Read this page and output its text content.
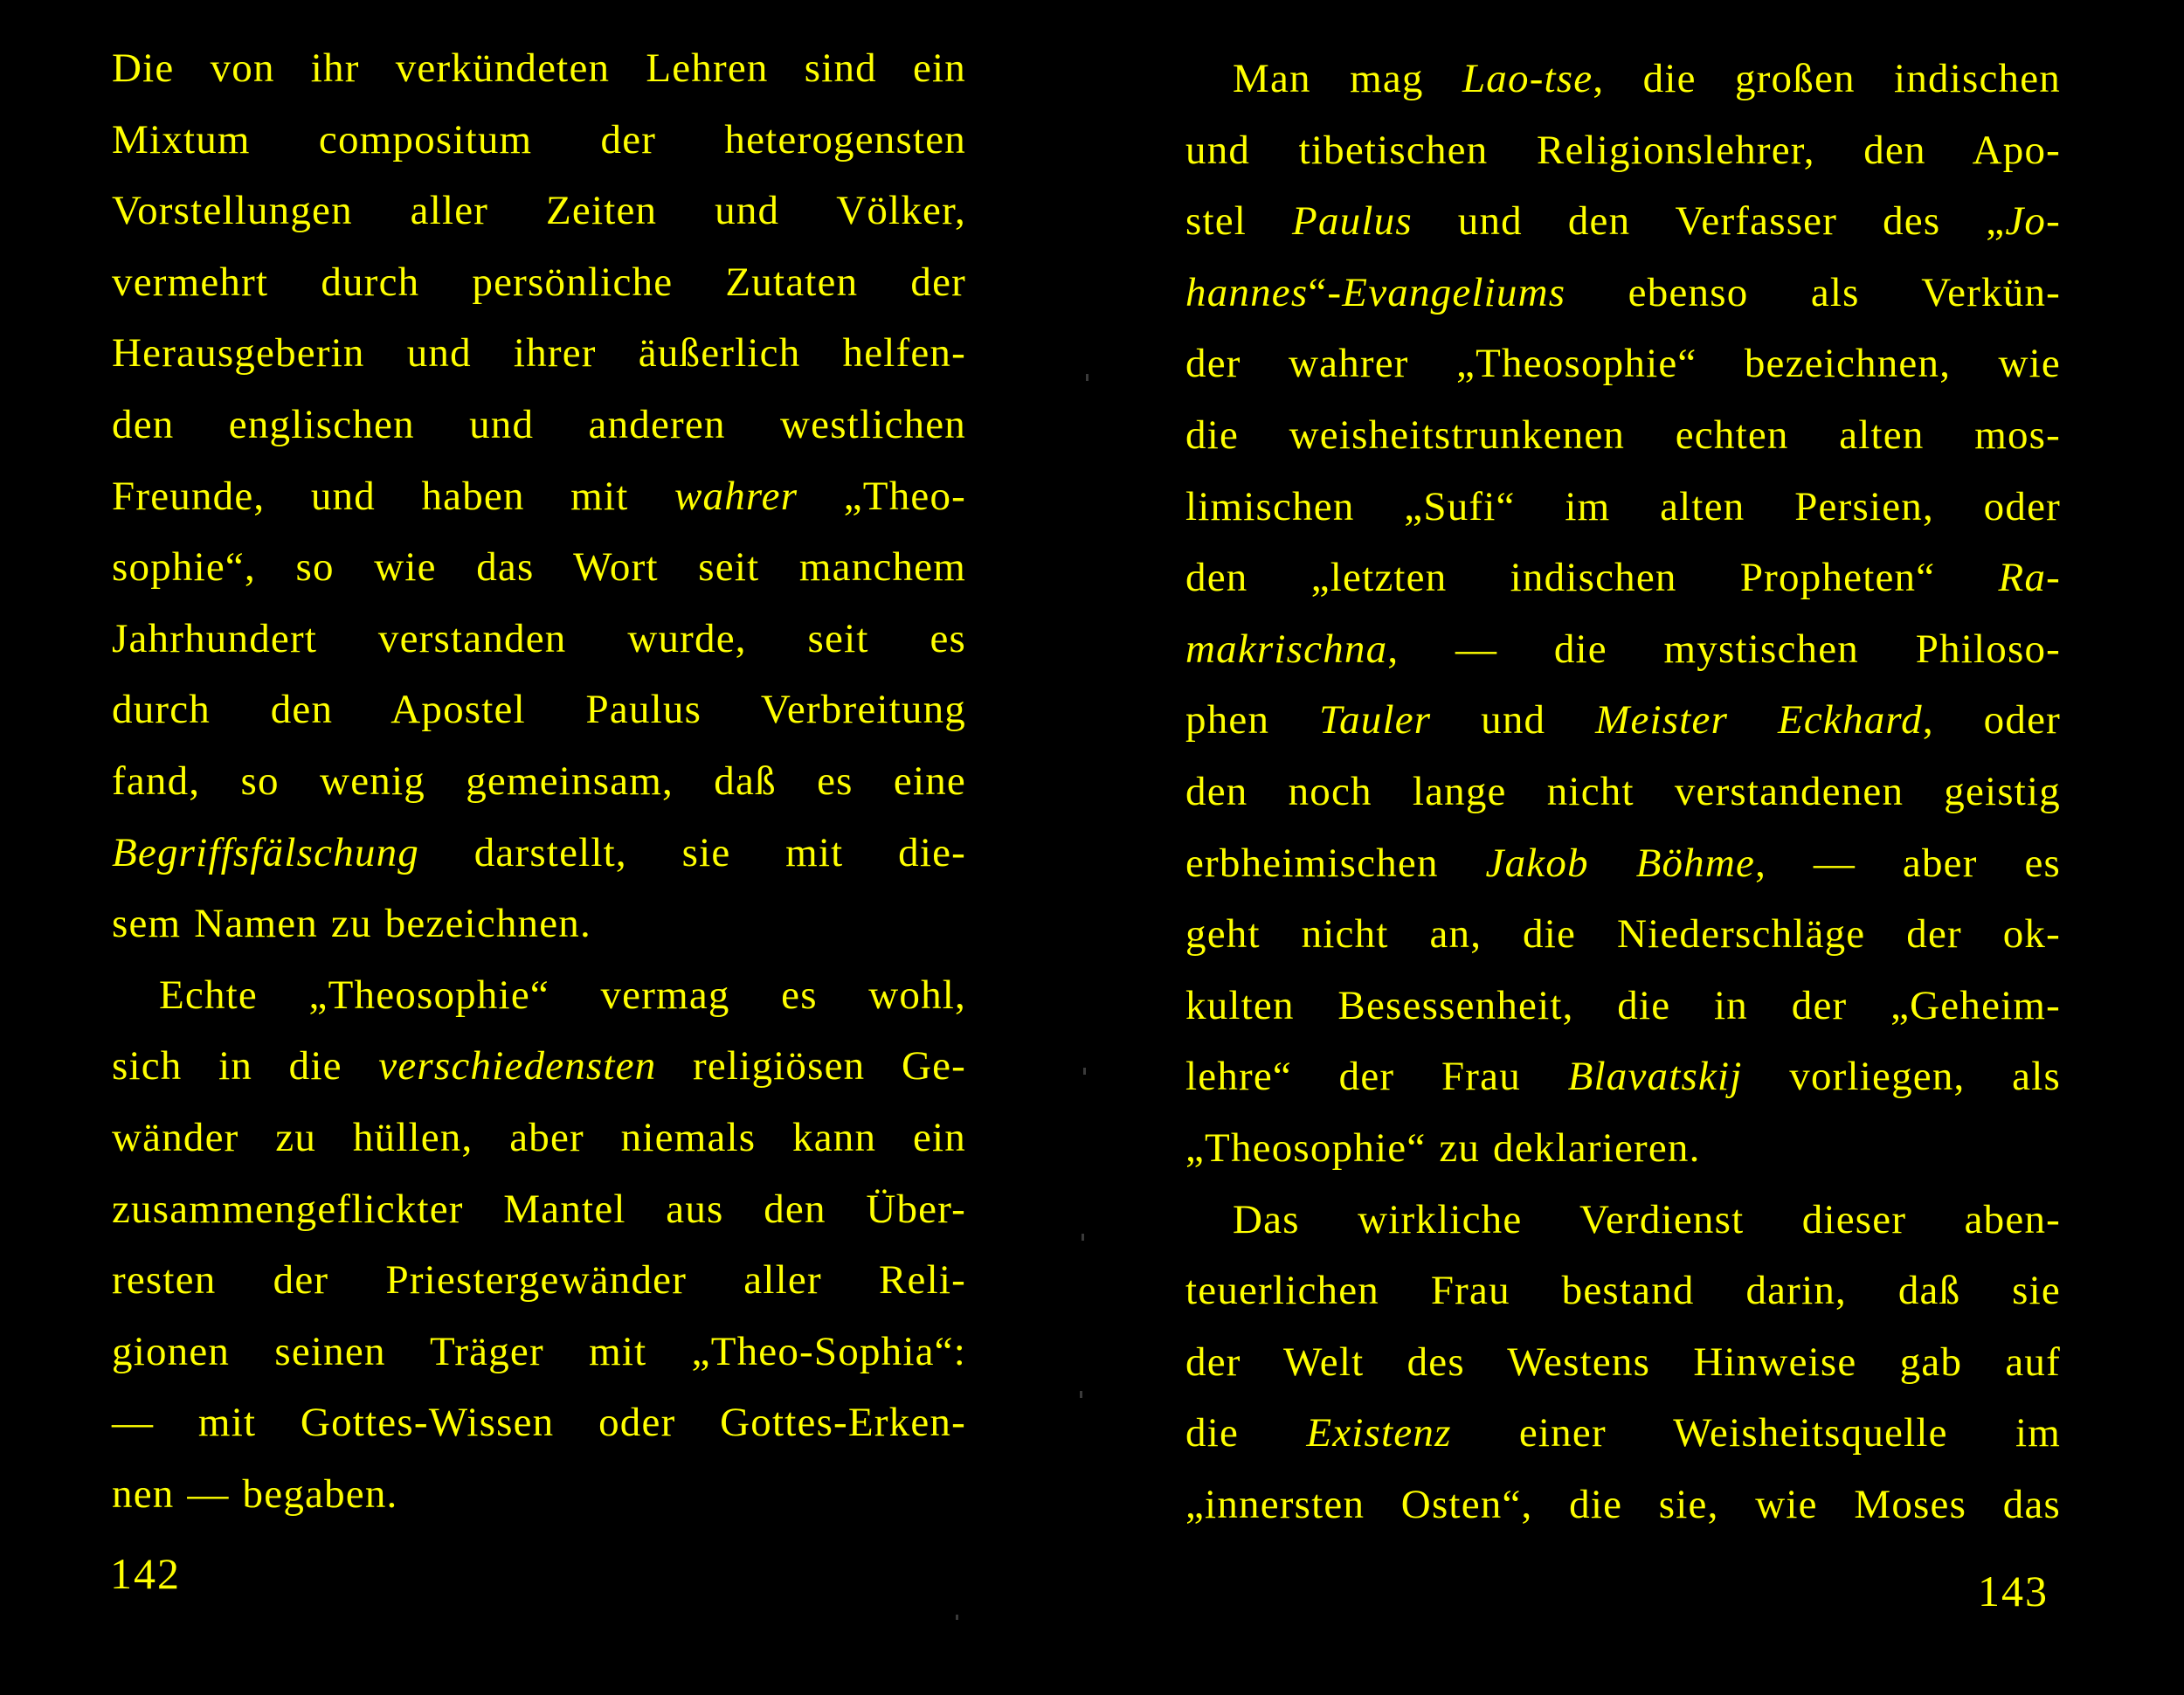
Die von ihr verkündeten Lehren sind ein
Mixtum compositum der heterogensten
Vorstellungen aller Zeiten und Völker,
vermehrt durch persönliche Zutaten der
Herausgeberin und ihrer äußerlich helfen-
den englischen und anderen westlichen
Freunde, und haben mit wahrer „Theo-
sophie“, so wie das Wort seit manchem
Jahrhundert verstanden wurde, seit es
durch den Apostel Paulus Verbreitung
fand, so wenig gemeinsam, daß es eine
Begriffsfälschung darstellt, sie mit die-
sem Namen zu bezeichnen.
Echte „Theosophie“ vermag es wohl,
sich in die verschiedensten religiösen Ge-
wänder zu hüllen, aber niemals kann ein
zusammengeflickter Mantel aus den Über-
resten der Priestergewänder aller Reli-
gionen seinen Träger mit „Theo-Sophia“:
— mit Gottes-Wissen oder Gottes-Erken-
nen — begaben.
142
Man mag Lao-tse, die großen indischen
und tibetischen Religionslehrer, den Apo-
stel Paulus und den Verfasser des „Jo-
hannes“-Evangeliums ebenso als Verkün-
der wahrer „Theosophie“ bezeichnen, wie
die weisheitstrunkenen echten alten mos-
limischen „Sufi“ im alten Persien, oder
den „letzten indischen Propheten“ Ra-
makrischna, — die mystischen Philoso-
phen Tauler und Meister Eckhard, oder
den noch lange nicht verstandenen geistig
erbheimischen Jakob Böhme, — aber es
geht nicht an, die Niederschläge der ok-
kulten Besessenheit, die in der „Geheim-
lehre“ der Frau Blavatskij vorliegen, als
„Theosophie“ zu deklarieren.
Das wirkliche Verdienst dieser aben-
teuerlichen Frau bestand darin, daß sie
der Welt des Westens Hinweise gab auf
die Existenz einer Weisheitsquelle im
„innersten Osten“, die sie, wie Moses das
143
